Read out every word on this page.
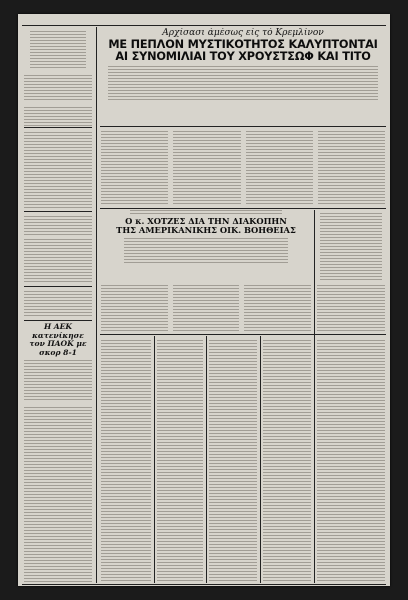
Η ΑΕΚ κατενίκησε
τον ΠΑΟΚ με σκορ 8-1
Αρχίσασι άμέσως είς τό Κρεμλίνον
ΜΕ ΠΕΠΛΟΝ ΜΥΣΤΙΚΟΤΗΤΟΣ ΚΑΛΥΠΤΟΝΤΑΙ
ΑΙ ΣΥΝΟΜΙΛΙΑΙ ΤΟΥ ΧΡΟΥΣΤΣΩΦ ΚΑΙ ΤΙΤΟ
Ο κ. ΧΟΤΖΕΣ ΔΙΑ ΤΗΝ ΔΙΑΚΟΠΗΝ
ΤΗΣ ΑΜΕΡΙΚΑΝΙΚΗΣ ΟΙΚ. ΒΟΗΘΕΙΑΣ
